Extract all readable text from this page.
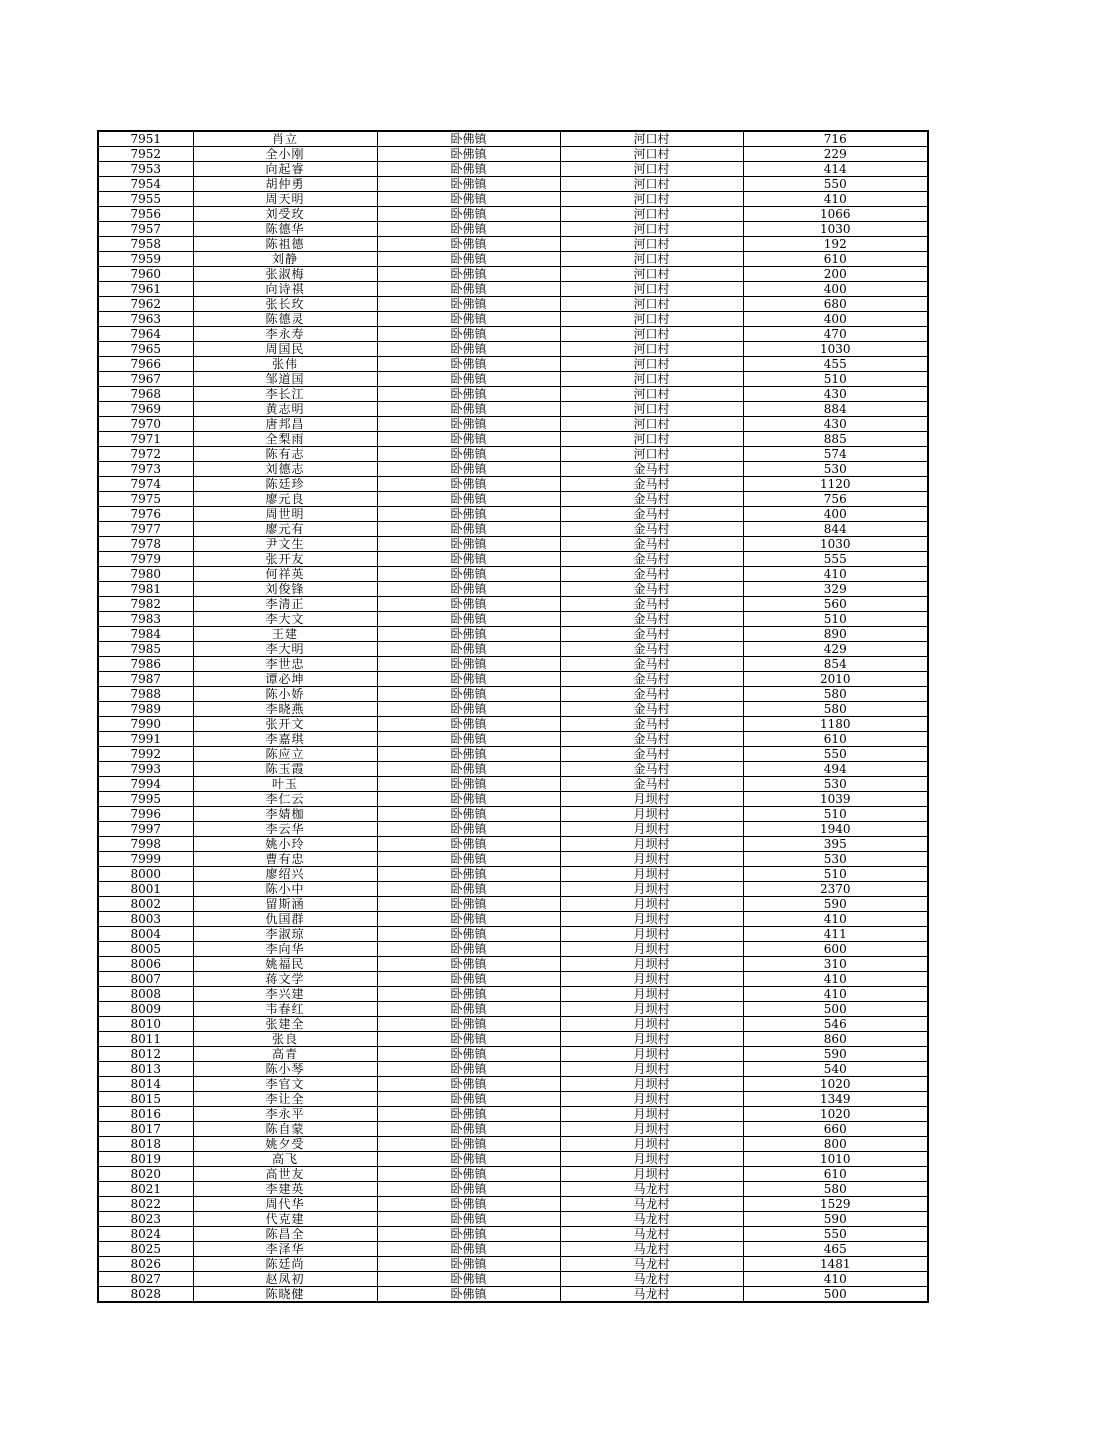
7951	肖立	卧佛镇	河口村	716
7952	全小刚	卧佛镇	河口村	229
7953	向起睿	卧佛镇	河口村	414
7954	胡仲勇	卧佛镇	河口村	550
7955	周天明	卧佛镇	河口村	410
7956	刘受玫	卧佛镇	河口村	1066
7957	陈德华	卧佛镇	河口村	1030
7958	陈祖德	卧佛镇	河口村	192
7959	刘静	卧佛镇	河口村	610
7960	张淑梅	卧佛镇	河口村	200
7961	向诗祺	卧佛镇	河口村	400
7962	张长玫	卧佛镇	河口村	680
7963	陈德灵	卧佛镇	河口村	400
7964	李永寿	卧佛镇	河口村	470
7965	周国民	卧佛镇	河口村	1030
7966	张伟	卧佛镇	河口村	455
7967	邹道国	卧佛镇	河口村	510
7968	李长江	卧佛镇	河口村	430
7969	黄志明	卧佛镇	河口村	884
7970	唐邦昌	卧佛镇	河口村	430
7971	全梨雨	卧佛镇	河口村	885
7972	陈有志	卧佛镇	河口村	574
7973	刘德志	卧佛镇	金马村	530
7974	陈廷珍	卧佛镇	金马村	1120
7975	廖元良	卧佛镇	金马村	756
7976	周世明	卧佛镇	金马村	400
7977	廖元有	卧佛镇	金马村	844
7978	尹文生	卧佛镇	金马村	1030
7979	张开友	卧佛镇	金马村	555
7980	何祥英	卧佛镇	金马村	410
7981	刘俊锋	卧佛镇	金马村	329
7982	李清正	卧佛镇	金马村	560
7983	李大文	卧佛镇	金马村	510
7984	王建	卧佛镇	金马村	890
7985	李大明	卧佛镇	金马村	429
7986	李世忠	卧佛镇	金马村	854
7987	谭必坤	卧佛镇	金马村	2010
7988	陈小娇	卧佛镇	金马村	580
7989	李晓燕	卧佛镇	金马村	580
7990	张开文	卧佛镇	金马村	1180
7991	李嘉琪	卧佛镇	金马村	610
7992	陈应立	卧佛镇	金马村	550
7993	陈玉霞	卧佛镇	金马村	494
7994	叶玉	卧佛镇	金马村	530
7995	李仁云	卧佛镇	月坝村	1039
7996	李婧枷	卧佛镇	月坝村	510
7997	李云华	卧佛镇	月坝村	1940
7998	姚小玲	卧佛镇	月坝村	395
7999	曹有忠	卧佛镇	月坝村	530
8000	廖绍兴	卧佛镇	月坝村	510
8001	陈小中	卧佛镇	月坝村	2370
8002	留斯涵	卧佛镇	月坝村	590
8003	仇国群	卧佛镇	月坝村	410
8004	李淑琼	卧佛镇	月坝村	411
8005	李向华	卧佛镇	月坝村	600
8006	姚福民	卧佛镇	月坝村	310
8007	蒋文学	卧佛镇	月坝村	410
8008	李兴建	卧佛镇	月坝村	410
8009	韦春红	卧佛镇	月坝村	500
8010	张建全	卧佛镇	月坝村	546
8011	张良	卧佛镇	月坝村	860
8012	高青	卧佛镇	月坝村	590
8013	陈小琴	卧佛镇	月坝村	540
8014	李官文	卧佛镇	月坝村	1020
8015	李让全	卧佛镇	月坝村	1349
8016	李永平	卧佛镇	月坝村	1020
8017	陈自蒙	卧佛镇	月坝村	660
8018	姚夕受	卧佛镇	月坝村	800
8019	高飞	卧佛镇	月坝村	1010
8020	高世友	卧佛镇	月坝村	610
8021	李建英	卧佛镇	马龙村	580
8022	周代华	卧佛镇	马龙村	1529
8023	代克建	卧佛镇	马龙村	590
8024	陈昌全	卧佛镇	马龙村	550
8025	李泽华	卧佛镇	马龙村	465
8026	陈廷尚	卧佛镇	马龙村	1481
8027	赵凤初	卧佛镇	马龙村	410
8028	陈晓健	卧佛镇	马龙村	500
